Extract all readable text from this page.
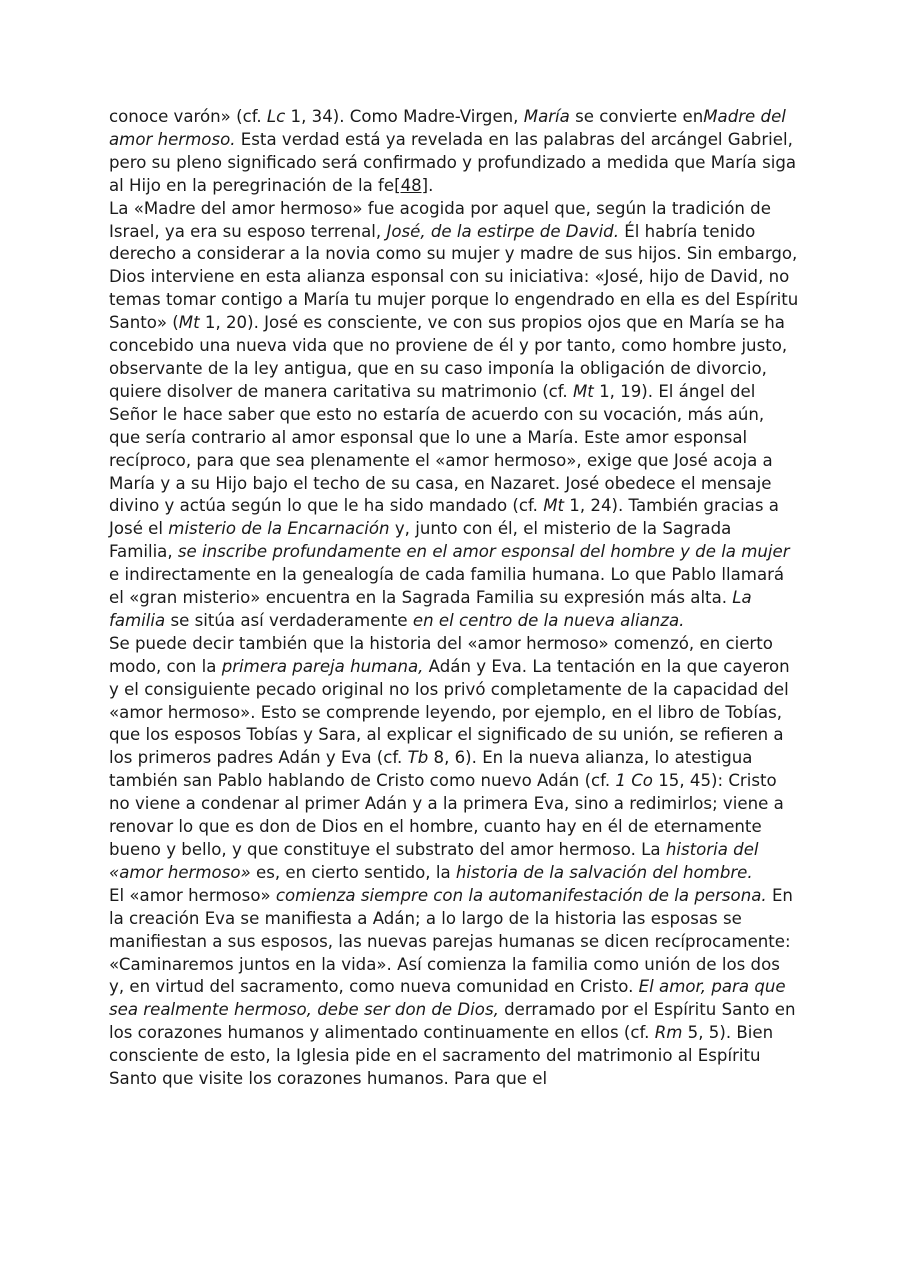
conoce varón» (cf. Lc 1, 34). Como Madre-Virgen, María se convierte enMadre del amor hermoso. Esta verdad está ya revelada en las palabras del arcángel Gabriel, pero su pleno significado será confirmado y profundizado a medida que María siga al Hijo en la peregrinación de la fe[48].

La «Madre del amor hermoso» fue acogida por aquel que, según la tradición de Israel, ya era su esposo terrenal, José, de la estirpe de David. Él habría tenido derecho a considerar a la novia como su mujer y madre de sus hijos. Sin embargo, Dios interviene en esta alianza esponsal con su iniciativa: «José, hijo de David, no temas tomar contigo a María tu mujer porque lo engendrado en ella es del Espíritu Santo» (Mt 1, 20). José es consciente, ve con sus propios ojos que en María se ha concebido una nueva vida que no proviene de él y por tanto, como hombre justo, observante de la ley antigua, que en su caso imponía la obligación de divorcio, quiere disolver de manera caritativa su matrimonio (cf. Mt 1, 19). El ángel del Señor le hace saber que esto no estaría de acuerdo con su vocación, más aún, que sería contrario al amor esponsal que lo une a María. Este amor esponsal recíproco, para que sea plenamente el «amor hermoso», exige que José acoja a María y a su Hijo bajo el techo de su casa, en Nazaret. José obedece el mensaje divino y actúa según lo que le ha sido mandado (cf. Mt 1, 24). También gracias a José el misterio de la Encarnación y, junto con él, el misterio de la Sagrada Familia, se inscribe profundamente en el amor esponsal del hombre y de la mujer e indirectamente en la genealogía de cada familia humana. Lo que Pablo llamará el «gran misterio» encuentra en la Sagrada Familia su expresión más alta. La familia se sitúa así verdaderamente en el centro de la nueva alianza.

Se puede decir también que la historia del «amor hermoso» comenzó, en cierto modo, con la primera pareja humana, Adán y Eva. La tentación en la que cayeron y el consiguiente pecado original no los privó completamente de la capacidad del «amor hermoso». Esto se comprende leyendo, por ejemplo, en el libro de Tobías, que los esposos Tobías y Sara, al explicar el significado de su unión, se refieren a los primeros padres Adán y Eva (cf. Tb 8, 6). En la nueva alianza, lo atestigua también san Pablo hablando de Cristo como nuevo Adán (cf. 1 Co 15, 45): Cristo no viene a condenar al primer Adán y a la primera Eva, sino a redimirlos; viene a renovar lo que es don de Dios en el hombre, cuanto hay en él de eternamente bueno y bello, y que constituye el substrato del amor hermoso. La historia del «amor hermoso» es, en cierto sentido, la historia de la salvación del hombre.

El «amor hermoso» comienza siempre con la automanifestación de la persona. En la creación Eva se manifiesta a Adán; a lo largo de la historia las esposas se manifiestan a sus esposos, las nuevas parejas humanas se dicen recíprocamente: «Caminaremos juntos en la vida». Así comienza la familia como unión de los dos y, en virtud del sacramento, como nueva comunidad en Cristo. El amor, para que sea realmente hermoso, debe ser don de Dios, derramado por el Espíritu Santo en los corazones humanos y alimentado continuamente en ellos (cf. Rm 5, 5). Bien consciente de esto, la Iglesia pide en el sacramento del matrimonio al Espíritu Santo que visite los corazones humanos. Para que el
